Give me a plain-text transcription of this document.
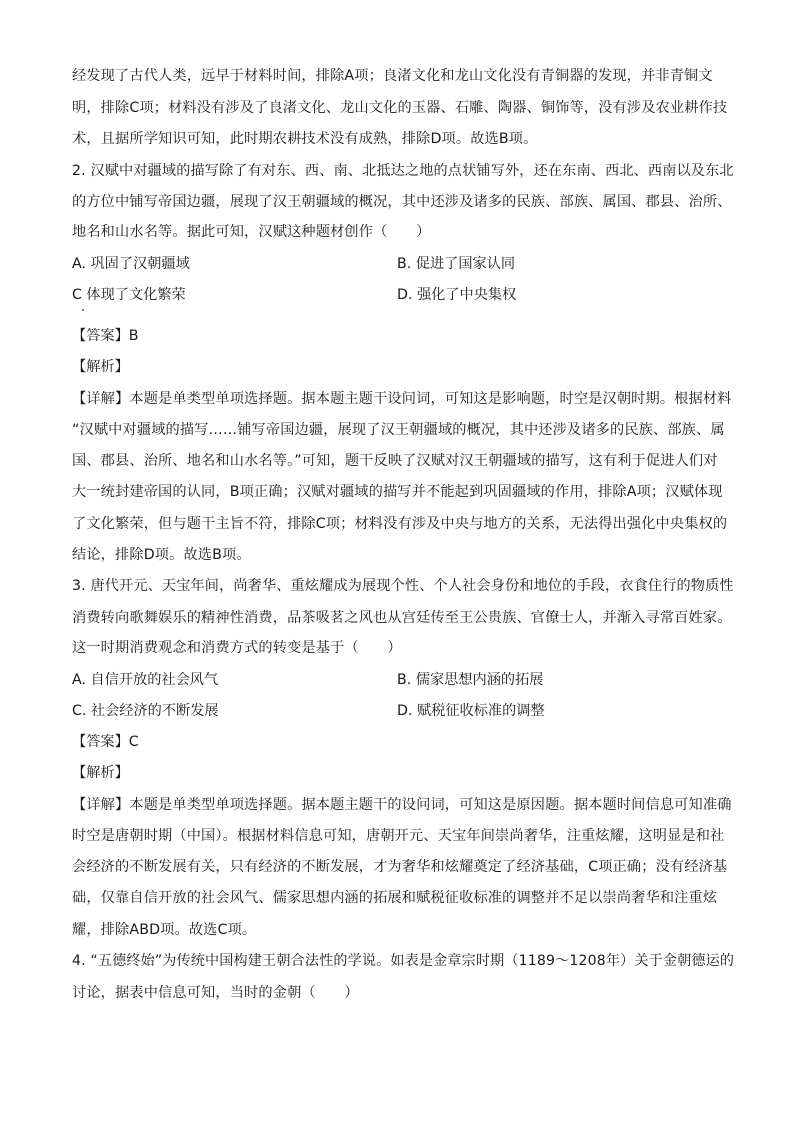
经发现了古代人类，远早于材料时间，排除A项；良渚文化和龙山文化没有青铜器的发现，并非青铜文
明，排除C项；材料没有涉及了良渚文化、龙山文化的玉器、石雕、陶器、铜饰等，没有涉及农业耕作技
术，且据所学知识可知，此时期农耕技术没有成熟，排除D项。故选B项。
2. 汉赋中对疆域的描写除了有对东、西、南、北抵达之地的点状铺写外，还在东南、西北、西南以及东北
的方位中铺写帝国边疆，展现了汉王朝疆域的概况，其中还涉及诸多的民族、部族、属国、郡县、治所、
地名和山水名等。据此可知，汉赋这种题材创作（　　）
A. 巩固了汉朝疆域	B. 促进了国家认同
C 体现了文化繁荣	D. 强化了中央集权
【答案】B
【解析】
【详解】本题是单类型单项选择题。据本题主题干设问词，可知这是影响题，时空是汉朝时期。根据材料
“汉赋中对疆域的描写……铺写帝国边疆，展现了汉王朝疆域的概况，其中还涉及诸多的民族、部族、属
国、郡县、治所、地名和山水名等。”可知，题干反映了汉赋对汉王朝疆域的描写，这有利于促进人们对
大一统封建帝国的认同，B项正确；汉赋对疆域的描写并不能起到巩固疆域的作用，排除A项；汉赋体现
了文化繁荣，但与题干主旨不符，排除C项；材料没有涉及中央与地方的关系，无法得出强化中央集权的
结论，排除D项。故选B项。
3. 唐代开元、天宝年间，尚奢华、重炫耀成为展现个性、个人社会身份和地位的手段，衣食住行的物质性
消费转向歌舞娱乐的精神性消费，品茶吸茗之风也从宫廷传至王公贵族、官僚士人，并渐入寻常百姓家。
这一时期消费观念和消费方式的转变是基于（　　）
A. 自信开放的社会风气	B. 儒家思想内涵的拓展
C. 社会经济的不断发展	D. 赋税征收标准的调整
【答案】C
【解析】
【详解】本题是单类型单项选择题。据本题主题干的设问词，可知这是原因题。据本题时间信息可知准确
时空是唐朝时期（中国）。根据材料信息可知，唐朝开元、天宝年间崇尚奢华，注重炫耀，这明显是和社
会经济的不断发展有关，只有经济的不断发展，才为奢华和炫耀奠定了经济基础，C项正确；没有经济基
础，仅靠自信开放的社会风气、儒家思想内涵的拓展和赋税征收标准的调整并不足以崇尚奢华和注重炫
耀，排除ABD项。故选C项。
4. “五德终始”为传统中国构建王朝合法性的学说。如表是金章宗时期（1189～1208年）关于金朝德运的
讨论，据表中信息可知，当时的金朝（　　）
